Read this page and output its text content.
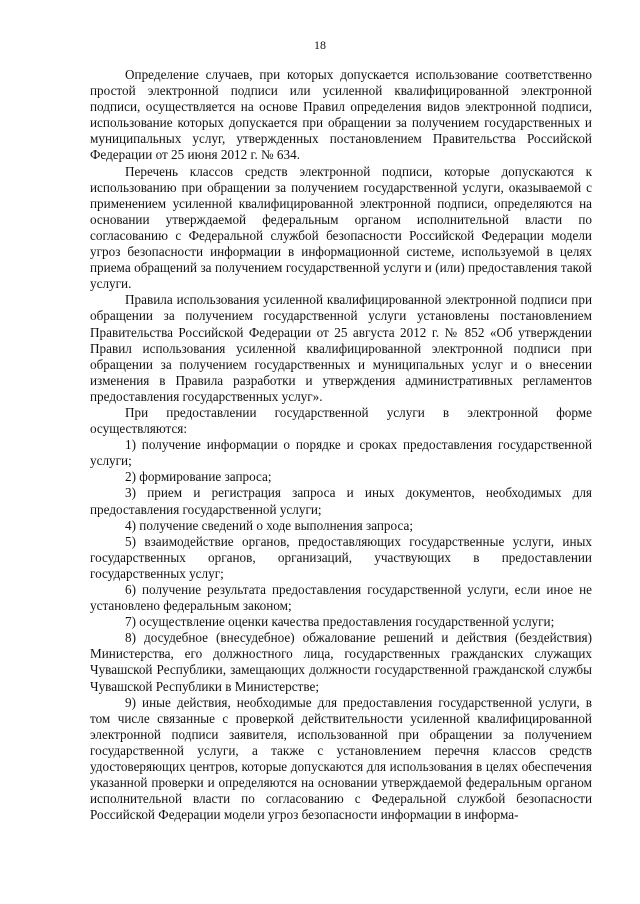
18

Определение случаев, при которых допускается использование соответственно простой электронной подписи или усиленной квалифицированной электронной подписи, осуществляется на основе Правил определения видов электронной подписи, использование которых допускается при обращении за получением государственных и муниципальных услуг, утвержденных постановлением Правительства Российской Федерации от 25 июня 2012 г. № 634.

Перечень классов средств электронной подписи, которые допускаются к использованию при обращении за получением государственной услуги, оказываемой с применением усиленной квалифицированной электронной подписи, определяются на основании утверждаемой федеральным органом исполнительной власти по согласованию с Федеральной службой безопасности Российской Федерации модели угроз безопасности информации в информационной системе, используемой в целях приема обращений за получением государственной услуги и (или) предоставления такой услуги.

Правила использования усиленной квалифицированной электронной подписи при обращении за получением государственной услуги установлены постановлением Правительства Российской Федерации от 25 августа 2012 г. № 852 «Об утверждении Правил использования усиленной квалифицированной электронной подписи при обращении за получением государственных и муниципальных услуг и о внесении изменения в Правила разработки и утверждения административных регламентов предоставления государственных услуг».

При предоставлении государственной услуги в электронной форме осуществляются:

1) получение информации о порядке и сроках предоставления государственной услуги;

2) формирование запроса;

3) прием и регистрация запроса и иных документов, необходимых для предоставления государственной услуги;

4) получение сведений о ходе выполнения запроса;

5) взаимодействие органов, предоставляющих государственные услуги, иных государственных органов, организаций, участвующих в предоставлении государственных услуг;

6) получение результата предоставления государственной услуги, если иное не установлено федеральным законом;

7) осуществление оценки качества предоставления государственной услуги;

8) досудебное (внесудебное) обжалование решений и действия (бездействия) Министерства, его должностного лица, государственных гражданских служащих Чувашской Республики, замещающих должности государственной гражданской службы Чувашской Республики в Министерстве;

9) иные действия, необходимые для предоставления государственной услуги, в том числе связанные с проверкой действительности усиленной квалифицированной электронной подписи заявителя, использованной при обращении за получением государственной услуги, а также с установлением перечня классов средств удостоверяющих центров, которые допускаются для использования в целях обеспечения указанной проверки и определяются на основании утверждаемой федеральным органом исполнительной власти по согласованию с Федеральной службой безопасности Российской Федерации модели угроз безопасности информации в информа-
